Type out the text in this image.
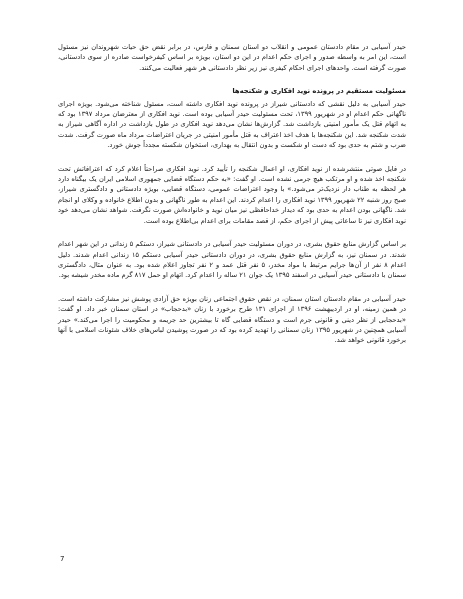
حیدر آسیابی در مقام دادستان عمومی و انقلاب دو استان سمنان و فارس، در برابر نقض حق حیات شهروندان نیز مسئول است، این امر به واسطه صدور و اجرای حکم اعدام در این دو استان، بویژه بر اساس کیفرخواست صادره از سوی دادستانی، صورت گرفته است. واحدهای اجرای احکام کیفری نیز زیر نظر دادستانی هر شهر فعالیت می‌کنند.

مسئولیت مستقیم در پرونده نوید افکاری و شکنجه‌ها

حیدر آسیابی به دلیل نقشی که دادستانی شیراز در پرونده نوید افکاری داشته است، مسئول شناخته می‌شود. بویژه اجرای ناگهانی حکم اعدام او در شهریور ۱۳۹۹، تحت مسئولیت حیدر آسیابی بوده است. نوید افکاری از معترضان مرداد ۱۳۹۷ بود که به اتهام قتل یک مأمور امنیتی بازداشت شد. گزارش‌ها نشان می‌دهد نوید افکاری در طول بازداشت در اداره آگاهی شیراز به شدت شکنجه شد. این شکنجه‌ها با هدف اخذ اعتراف به قتل مأمور امنیتی در جریان اعتراضات مرداد ماه صورت گرفت. شدت ضرب و شتم به حدی بود که دست او شکست و بدون انتقال به بهداری، استخوان شکسته مجدداً جوش خورد.

در فایل صوتی منتشرشده از نوید افکاری، او اعمال شکنجه را تأیید کرد. نوید افکاری صراحتاً اعلام کرد که اعترافاتش تحت شکنجه اخذ شده و او مرتکب هیچ جرمی نشده است. او گفت: «به حکم دستگاه قضایی جمهوری اسلامی ایران یک بیگناه دارد هر لحظه به طناب دار نزدیک‌تر می‌شود.» با وجود اعتراضات عمومی، دستگاه قضایی، بویژه دادستانی و دادگستری شیراز، صبح روز شنبه ۲۲ شهریور ۱۳۹۹ نوید افکاری را اعدام کردند. این اعدام به طور ناگهانی و بدون اطلاع خانواده و وکلای او انجام شد. ناگهانی بودن اعدام به حدی بود که دیدار خداحافظی نیز میان نوید و خانواده‌اش صورت نگرفت. شواهد نشان می‌دهد خود نوید افکاری نیز تا ساعاتی پیش از اجرای حکم، از قصد مقامات برای اعدام بی‌اطلاع بوده است.

بر اساس گزارش منابع حقوق بشری، در دوران مسئولیت حیدر آسیابی در دادستانی شیراز، دستکم ۵ زندانی در این شهر اعدام شدند. در سمنان نیز، به گزارش منابع حقوق بشری، در دوران دادستانی حیدر آسیابی دستکم ۱۵ زندانی اعدام شدند. دلیل اعدام ۸ نفر از آن‌ها جرایم مرتبط با مواد مخدر، ۵ نفر قتل عمد و ۲ نفر تجاوز اعلام شده بود. به عنوان مثال، دادگستری سمنان با دادستانی حیدر آسیابی در اسفند ۱۳۹۵ یک جوان ۲۱ ساله را اعدام کرد. اتهام او حمل ۸۱۷ گرم ماده مخدر شیشه بود.

حیدر آسیابی در مقام دادستان استان سمنان، در نقض حقوق اجتماعی زنان بویژه حق آزادی پوشش نیز مشارکت داشته است. در همین زمینه، او در اردیبهشت ۱۳۹۶ از اجرای ۱۳۱ طرح برخورد با زنان «بدحجاب» در استان سمنان خبر داد. او گفت: «بدحجابی از نظر دینی و قانونی جرم است و دستگاه قضایی گاه تا بیشترین حد جریمه و محکومیت را اجرا می‌کند.» حیدر آسیابی همچنین در شهریور ۱۳۹۵ زنان سمنانی را تهدید کرده بود که در صورت پوشیدن لباس‌های خلاف شئونات اسلامی با آنها برخورد قانونی خواهد شد.

7
